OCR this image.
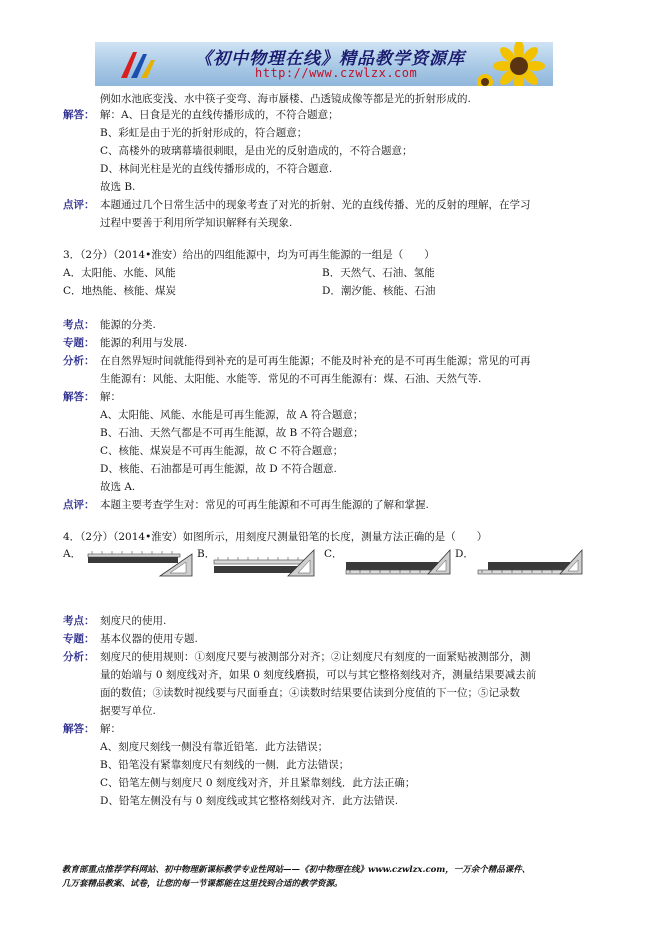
《初中物理在线》精品教学资源库
http://www.czwlzx.com
例如水池底变浅、水中筷子变弯、海市蜃楼、凸透镜成像等都是光的折射形成的.
解答： 解：A、日食是光的直线传播形成的，不符合题意；
B、彩虹是由于光的折射形成的，符合题意；
C、高楼外的玻璃幕墙很刺眼，是由光的反射造成的，不符合题意；
D、林间光柱是光的直线传播形成的，不符合题意.
故选 B.
点评： 本题通过几个日常生活中的现象考查了对光的折射、光的直线传播、光的反射的理解，在学习
过程中要善于利用所学知识解释有关现象.
3．（2分）（2014•淮安）给出的四组能源中，均为可再生能源的一组是（　　）
A．太阳能、水能、风能	B．天然气、石油、氢能
C．地热能、核能、煤炭	D．潮汐能、核能、石油
考点： 能源的分类.
专题： 能源的利用与发展.
分析： 在自然界短时间就能得到补充的是可再生能源；不能及时补充的是不可再生能源；常见的可再
生能源有：风能、太阳能、水能等．常见的不可再生能源有：煤、石油、天然气等.
解答： 解：
A、太阳能、风能、水能是可再生能源，故 A 符合题意；
B、石油、天然气都是不可再生能源，故 B 不符合题意；
C、核能、煤炭是不可再生能源，故 C 不符合题意；
D、核能、石油都是可再生能源，故 D 不符合题意.
故选 A.
点评： 本题主要考查学生对：常见的可再生能源和不可再生能源的了解和掌握.
4．（2分）（2014•淮安）如图所示，用刻度尺测量铅笔的长度，测量方法正确的是（　　）
A．	B．	C．	D．
考点： 刻度尺的使用.
专题： 基本仪器的使用专题.
分析： 刻度尺的使用规则：①刻度尺要与被测部分对齐；②让刻度尺有刻度的一面紧贴被测部分，测
量的始端与 0 刻度线对齐，如果 0 刻度线磨损，可以与其它整格刻线对齐，测量结果要减去前
面的数值；③读数时视线要与尺面垂直；④读数时结果要估读到分度值的下一位；⑤记录数
据要写单位.
解答： 解：
A、刻度尺刻线一侧没有靠近铅笔．此方法错误；
B、铅笔没有紧靠刻度尺有刻线的一侧．此方法错误；
C、铅笔左侧与刻度尺 0 刻度线对齐，并且紧靠刻线．此方法正确；
D、铅笔左侧没有与 0 刻度线或其它整格刻线对齐．此方法错误.
教育部重点推荐学科网站、初中物理新课标教学专业性网站——《初中物理在线》www.czwlzx.com，一万余个精品课件、
几万套精品教案、试卷，让您的每一节课都能在这里找到合适的教学资源。
